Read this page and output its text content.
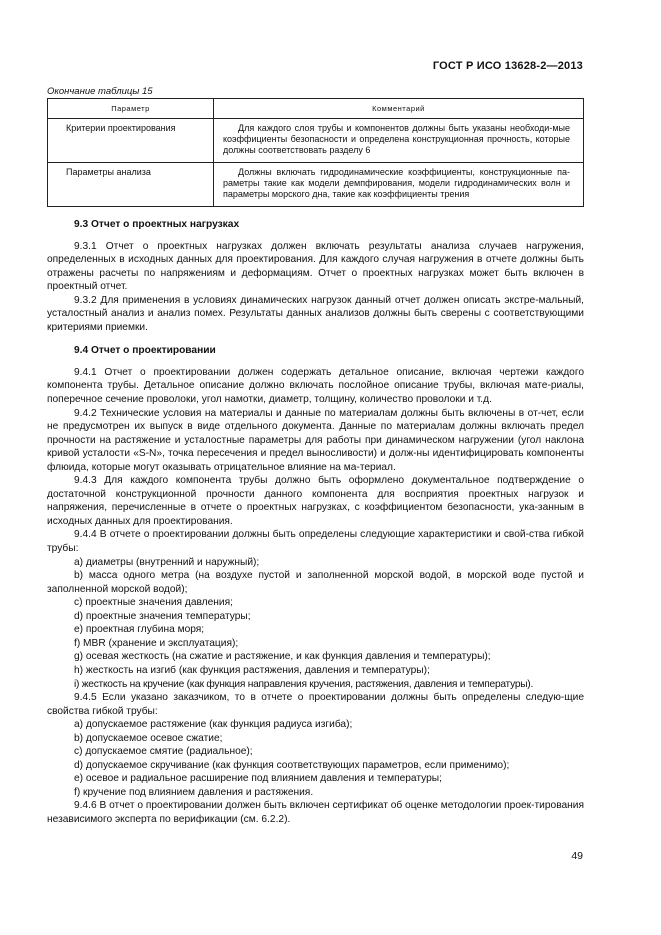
ГОСТ Р ИСО 13628-2—2013
Окончание таблицы 15
Параметр	Комментарий
Критерии проектирования	Для каждого слоя трубы и компонентов должны быть указаны необходи-мые коэффициенты безопасности и определена конструкционная прочность, которые должны соответствовать разделу 6
Параметры анализа	Должны включать гидродинамические коэффициенты, конструкционные па-раметры такие как модели демпфирования, модели гидродинамических волн и параметры морского дна, такие как коэффициенты трения
9.3 Отчет о проектных нагрузках

9.3.1 Отчет о проектных нагрузках должен включать результаты анализа случаев нагружения, определенных в исходных данных для проектирования. Для каждого случая нагружения в отчете должны быть отражены расчеты по напряжениям и деформациям. Отчет о проектных нагрузках может быть включен в проектный отчет.

9.3.2 Для применения в условиях динамических нагрузок данный отчет должен описать экстре-мальный, усталостный анализ и анализ помех. Результаты данных анализов должны быть сверены с соответствующими критериями приемки.

9.4 Отчет о проектировании

9.4.1 Отчет о проектировании должен содержать детальное описание, включая чертежи каждого компонента трубы. Детальное описание должно включать послойное описание трубы, включая мате-риалы, поперечное сечение проволоки, угол намотки, диаметр, толщину, количество проволоки и т.д.

9.4.2 Технические условия на материалы и данные по материалам должны быть включены в от-чет, если не предусмотрен их выпуск в виде отдельного документа. Данные по материалам должны включать предел прочности на растяжение и усталостные параметры для работы при динамическом нагружении (угол наклона кривой усталости «S-N», точка пересечения и предел выносливости) и долж-ны идентифицировать компоненты флюида, которые могут оказывать отрицательное влияние на ма-териал.

9.4.3 Для каждого компонента трубы должно быть оформлено документальное подтверждение о достаточной конструкционной прочности данного компонента для восприятия проектных нагрузок и напряжения, перечисленные в отчете о проектных нагрузках, с коэффициентом безопасности, ука-занным в исходных данных для проектирования.

9.4.4 В отчете о проектировании должны быть определены следующие характеристики и свой-ства гибкой трубы:

a) диаметры (внутренний и наружный);
b) масса одного метра (на воздухе пустой и заполненной морской водой, в морской воде пустой и заполненной морской водой);
c) проектные значения давления;
d) проектные значения температуры;
e) проектная глубина моря;
f) MBR (хранение и эксплуатация);
g) осевая жесткость (на сжатие и растяжение, и как функция давления и температуры);
h) жесткость на изгиб (как функция растяжения, давления и температуры);
i) жесткость на кручение (как функция направления кручения, растяжения, давления и температуры).

9.4.5 Если указано заказчиком, то в отчете о проектировании должны быть определены следую-щие свойства гибкой трубы:

a) допускаемое растяжение (как функция радиуса изгиба);
b) допускаемое осевое сжатие;
c) допускаемое смятие (радиальное);
d) допускаемое скручивание (как функция соответствующих параметров, если применимо);
e) осевое и радиальное расширение под влиянием давления и температуры;
f) кручение под влиянием давления и растяжения.

9.4.6 В отчет о проектировании должен быть включен сертификат об оценке методологии проек-тирования независимого эксперта по верификации (см. 6.2.2).

49
